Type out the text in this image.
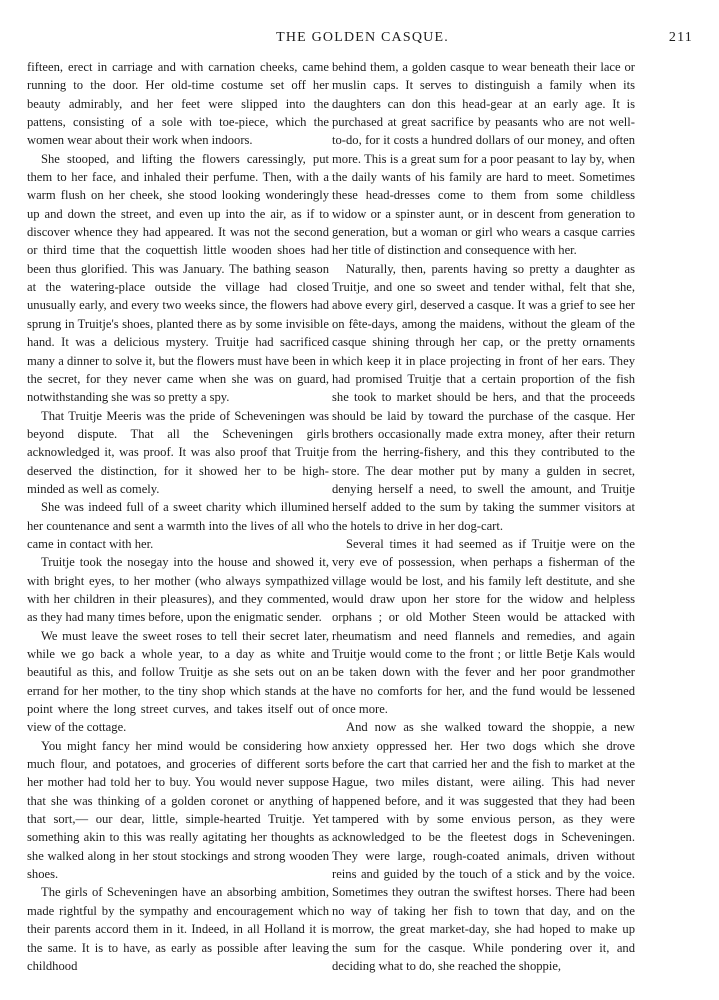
THE GOLDEN CASQUE.	211

fifteen, erect in carriage and with carnation cheeks, came running to the door. Her old-time costume set off her beauty admirably, and her feet were slipped into the pattens, consisting of a sole with toe-piece, which the women wear about their work when indoors.

She stooped, and lifting the flowers caressingly, put them to her face, and inhaled their perfume. Then, with a warm flush on her cheek, she stood looking wonderingly up and down the street, and even up into the air, as if to discover whence they had appeared. It was not the second or third time that the coquettish little wooden shoes had been thus glorified. This was January. The bathing season at the watering-place outside the village had closed unusually early, and every two weeks since, the flowers had sprung in Truitje's shoes, planted there as by some invisible hand. It was a delicious mystery. Truitje had sacrificed many a dinner to solve it, but the flowers must have been in the secret, for they never came when she was on guard, notwithstanding she was so pretty a spy.

That Truitje Meeris was the pride of Scheveningen was beyond dispute. That all the Scheveningen girls acknowledged it, was proof. It was also proof that Truitje deserved the distinction, for it showed her to be high-minded as well as comely.

She was indeed full of a sweet charity which illumined her countenance and sent a warmth into the lives of all who came in contact with her.

Truitje took the nosegay into the house and showed it, with bright eyes, to her mother (who always sympathized with her children in their pleasures), and they commented, as they had many times before, upon the enigmatic sender.

We must leave the sweet roses to tell their secret later, while we go back a whole year, to a day as white and beautiful as this, and follow Truitje as she sets out on an errand for her mother, to the tiny shop which stands at the point where the long street curves, and takes itself out of view of the cottage.

You might fancy her mind would be considering how much flour, and potatoes, and groceries of different sorts her mother had told her to buy. You would never suppose that she was thinking of a golden coronet or anything of that sort,— our dear, little, simple-hearted Truitje. Yet something akin to this was really agitating her thoughts as she walked along in her stout stockings and strong wooden shoes.

The girls of Scheveningen have an absorbing ambition, made rightful by the sympathy and encouragement which their parents accord them in it. Indeed, in all Holland it is the same. It is to have, as early as possible after leaving childhood

behind them, a golden casque to wear beneath their lace or muslin caps. It serves to distinguish a family when its daughters can don this head-gear at an early age. It is purchased at great sacrifice by peasants who are not well-to-do, for it costs a hundred dollars of our money, and often more. This is a great sum for a poor peasant to lay by, when the daily wants of his family are hard to meet. Sometimes these head-dresses come to them from some childless widow or a spinster aunt, or in descent from generation to generation, but a woman or girl who wears a casque carries her title of distinction and consequence with her.

Naturally, then, parents having so pretty a daughter as Truitje, and one so sweet and tender withal, felt that she, above every girl, deserved a casque. It was a grief to see her on fête-days, among the maidens, without the gleam of the casque shining through her cap, or the pretty ornaments which keep it in place projecting in front of her ears. They had promised Truitje that a certain proportion of the fish she took to market should be hers, and that the proceeds should be laid by toward the purchase of the casque. Her brothers occasionally made extra money, after their return from the herring-fishery, and this they contributed to the store. The dear mother put by many a gulden in secret, denying herself a need, to swell the amount, and Truitje herself added to the sum by taking the summer visitors at the hotels to drive in her dog-cart.

Several times it had seemed as if Truitje were on the very eve of possession, when perhaps a fisherman of the village would be lost, and his family left destitute, and she would draw upon her store for the widow and helpless orphans ; or old Mother Steen would be attacked with rheumatism and need flannels and remedies, and again Truitje would come to the front ; or little Betje Kals would be taken down with the fever and her poor grandmother have no comforts for her, and the fund would be lessened once more.

And now as she walked toward the shoppie, a new anxiety oppressed her. Her two dogs which she drove before the cart that carried her and the fish to market at the Hague, two miles distant, were ailing. This had never happened before, and it was suggested that they had been tampered with by some envious person, as they were acknowledged to be the fleetest dogs in Scheveningen. They were large, rough-coated animals, driven without reins and guided by the touch of a stick and by the voice. Sometimes they outran the swiftest horses. There had been no way of taking her fish to town that day, and on the morrow, the great market-day, she had hoped to make up the sum for the casque. While pondering over it, and deciding what to do, she reached the shoppie,
